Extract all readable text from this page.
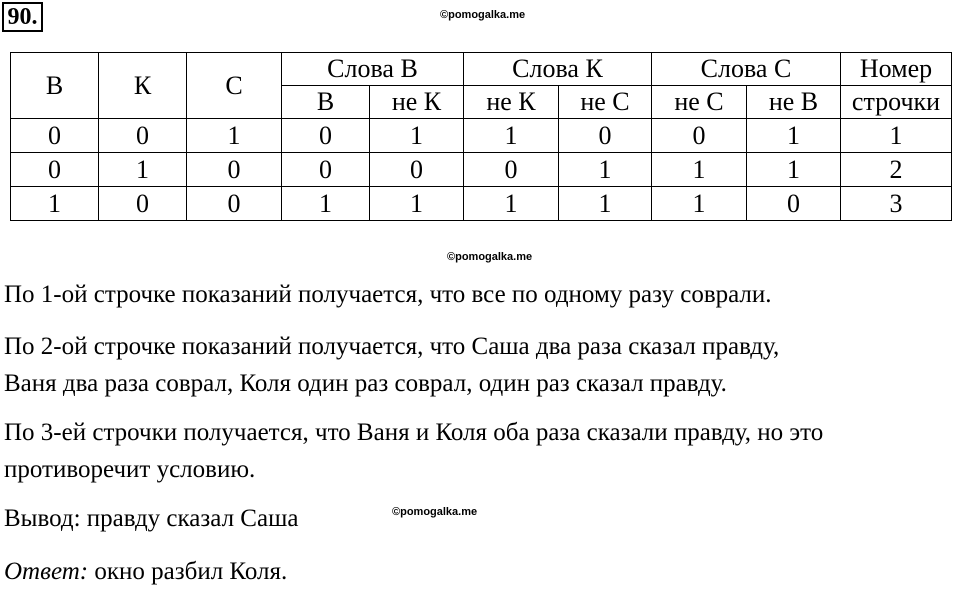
90.	©pomogalka.me
В	К	С	Слова В		Слова К		Слова С		Номер
			В	не К	не К	не С	не С	не В	строчки
0	0	1	0	1	1	0	0	1	1
0	1	0	0	0	0	1	1	1	2
1	0	0	1	1	1	1	1	0	3
©pomogalka.me
По 1-ой строчке показаний получается, что все по одному разу соврали.
По 2-ой строчке показаний получается, что Саша два раза сказал правду,
Ваня два раза соврал, Коля один раз соврал, один раз сказал правду.
По 3-ей строчки получается, что Ваня и Коля оба раза сказали правду, но это
противоречит условию.
Вывод: правду сказал Саша	©pomogalka.me
Ответ: окно разбил Коля.
